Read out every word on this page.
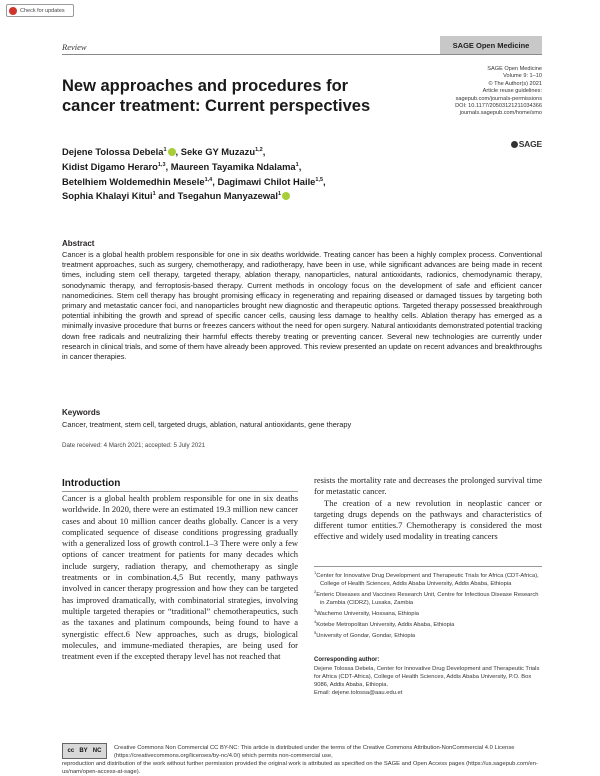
Check for updates
Review	SAGE Open Medicine
New approaches and procedures for cancer treatment: Current perspectives
SAGE Open Medicine
Volume 9: 1–10
© The Author(s) 2021
Article reuse guidelines:
sagepub.com/journals-permissions
DOI: 10.1177/20503121211034366
journals.sagepub.com/home/smo
SAGE
Dejene Tolossa Debela$^1$ , Seke GY Muzazu$^{1,2}$,
Kidist Digamo Heraro$^{1,3}$, Maureen Tayamika Ndalama$^1$,
Betelhiem Woldemedhin Mesele$^{1,4}$, Dagimawi Chilot Haile$^{1,5}$,
Sophia Khalayi Kitui$^1$ and Tsegahun Manyazewal$^1$
Abstract

Cancer is a global health problem responsible for one in six deaths worldwide. Treating cancer has been a highly complex process. Conventional treatment approaches, such as surgery, chemotherapy, and radiotherapy, have been in use, while significant advances are being made in recent times, including stem cell therapy, targeted therapy, ablation therapy, nanoparticles, natural antioxidants, radionics, chemodynamic therapy, sonodynamic therapy, and ferroptosis-based therapy. Current methods in oncology focus on the development of safe and efficient cancer nanomedicines. Stem cell therapy has brought promising efficacy in regenerating and repairing diseased or damaged tissues by targeting both primary and metastatic cancer foci, and nanoparticles brought new diagnostic and therapeutic options. Targeted therapy possessed breakthrough potential inhibiting the growth and spread of specific cancer cells, causing less damage to healthy cells. Ablation therapy has emerged as a minimally invasive procedure that burns or freezes cancers without the need for open surgery. Natural antioxidants demonstrated potential tracking down free radicals and neutralizing their harmful effects thereby treating or preventing cancer. Several new technologies are currently under research in clinical trials, and some of them have already been approved. This review presented an update on recent advances and breakthroughs in cancer therapies.

Keywords

Cancer, treatment, stem cell, targeted drugs, ablation, natural antioxidants, gene therapy

Date received: 4 March 2021; accepted: 5 July 2021

Introduction

Cancer is a global health problem responsible for one in six deaths worldwide. In 2020, there were an estimated 19.3 million new cancer cases and about 10 million cancer deaths globally. Cancer is a very complicated sequence of disease conditions progressing gradually with a generalized loss of growth control.1–3 There were only a few options of cancer treatment for patients for many decades which include surgery, radiation therapy, and chemotherapy as single treatments or in combination.4,5 But recently, many pathways involved in cancer therapy progression and how they can be targeted has improved dramatically, with combinatorial strategies, involving multiple targeted therapies or “traditional” chemotherapeutics, such as the taxanes and platinum compounds, being found to have a synergistic effect.6 New approaches, such as drugs, biological molecules, and immune-mediated therapies, are being used for treatment even if the excepted therapy level has not reached that

resists the mortality rate and decreases the prolonged survival time for metastatic cancer.
The creation of a new revolution in neoplastic cancer or targeting drugs depends on the pathways and characteristics of different tumor entities.7 Chemotherapy is considered the most effective and widely used modality in treating cancers
$^1$Center for Innovative Drug Development and Therapeutic Trials for Africa (CDT-Africa), College of Health Sciences, Addis Ababa University, Addis Ababa, Ethiopia
$^2$Enteric Diseases and Vaccines Research Unit, Centre for Infectious Disease Research in Zambia (CIDRZ), Lusaka, Zambia
$^3$Wachemo University, Hossana, Ethiopia
$^4$Kotebe Metropolitan University, Addis Ababa, Ethiopia
$^5$University of Gondar, Gondar, Ethiopia
Corresponding author:
Dejene Tolossa Debela, Center for Innovative Drug Development and Therapeutic Trials for Africa (CDT-Africa), College of Health Sciences, Addis Ababa University, P.O. Box 9086, Addis Ababa, Ethiopia.
Email: dejene.tolossa@aau.edu.et
Creative Commons Non Commercial CC BY-NC: This article is distributed under the terms of the Creative Commons Attribution-NonCommercial 4.0 License (https://creativecommons.org/licenses/by-nc/4.0/) which permits non-commercial use,
reproduction and distribution of the work without further permission provided the original work is attributed as specified on the SAGE and Open Access pages (https://us.sagepub.com/en-us/nam/open-access-at-sage).
cc BY NC
